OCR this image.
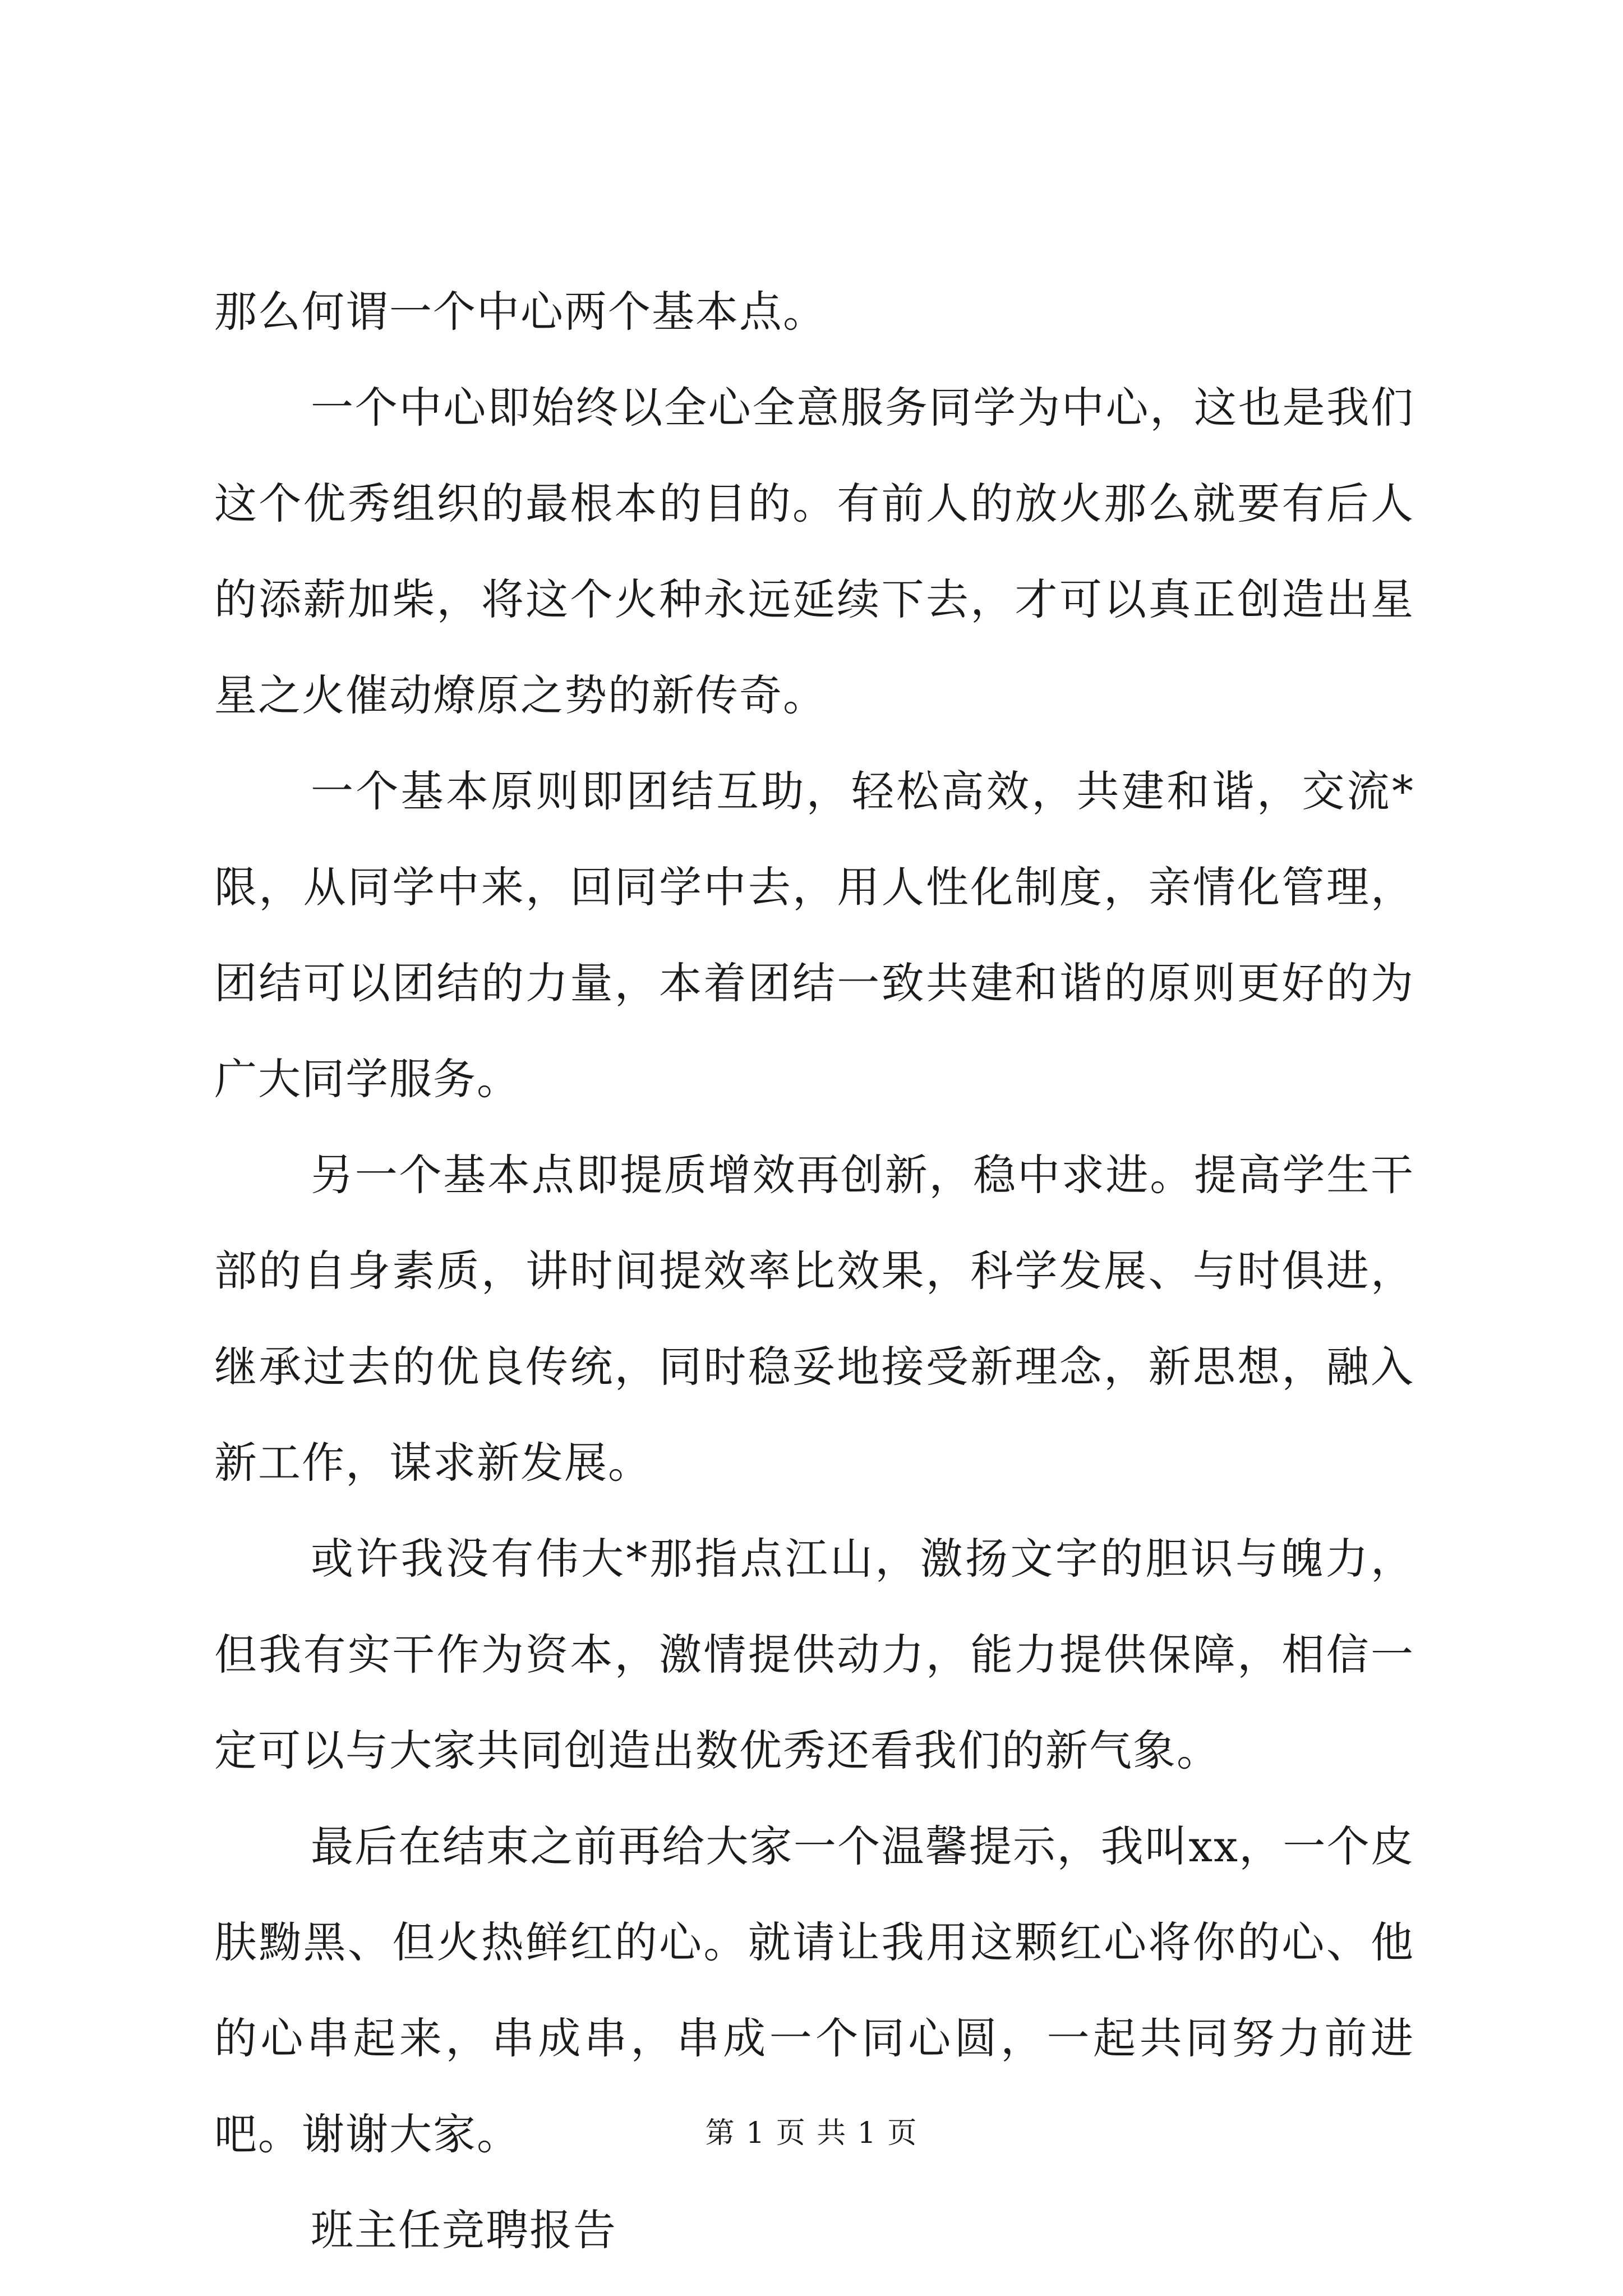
那么何谓一个中心两个基本点。

一个中心即始终以全心全意服务同学为中心，这也是我们这个优秀组织的最根本的目的。有前人的放火那么就要有后人的添薪加柴，将这个火种永远延续下去，才可以真正创造出星星之火催动燎原之势的新传奇。

一个基本原则即团结互助，轻松高效，共建和谐，交流*限，从同学中来，回同学中去，用人性化制度，亲情化管理，团结可以团结的力量，本着团结一致共建和谐的原则更好的为广大同学服务。

另一个基本点即提质增效再创新，稳中求进。提高学生干部的自身素质，讲时间提效率比效果，科学发展、与时俱进，继承过去的优良传统，同时稳妥地接受新理念，新思想，融入新工作，谋求新发展。

或许我没有伟大*那指点江山，激扬文字的胆识与魄力，但我有实干作为资本，激情提供动力，能力提供保障，相信一定可以与大家共同创造出数优秀还看我们的新气象。

最后在结束之前再给大家一个温馨提示，我叫xx，一个皮肤黝黑、但火热鲜红的心。就请让我用这颗红心将你的心、他的心串起来，串成串，串成一个同心圆，一起共同努力前进吧。谢谢大家。

班主任竞聘报告

第 1 页 共 1 页
